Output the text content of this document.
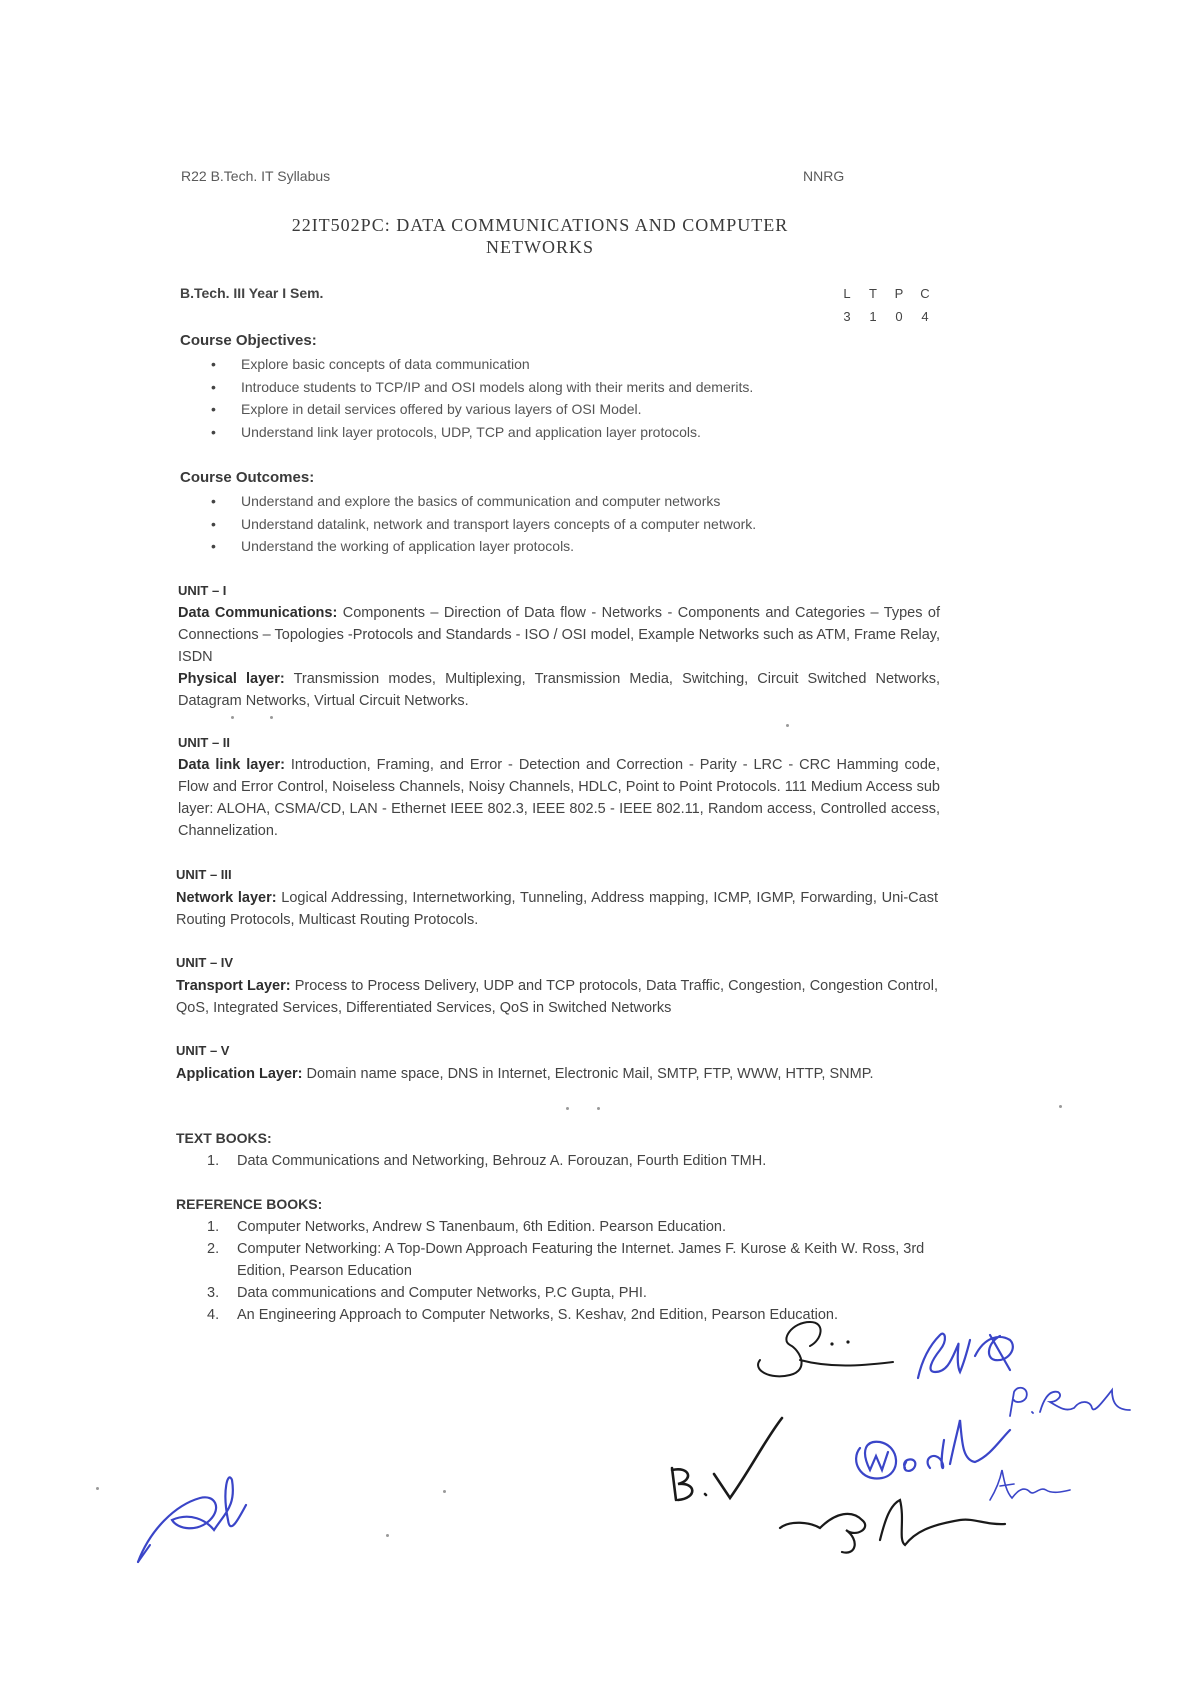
R22 B.Tech. IT Syllabus	NNRG
22IT502PC: DATA COMMUNICATIONS AND COMPUTER
NETWORKS
B.Tech. III Year I Sem.	L T P C
3 1 0 4
Course Objectives:
• Explore basic concepts of data communication
• Introduce students to TCP/IP and OSI models along with their merits and demerits.
• Explore in detail services offered by various layers of OSI Model.
• Understand link layer protocols, UDP, TCP and application layer protocols.
Course Outcomes:
• Understand and explore the basics of communication and computer networks
• Understand datalink, network and transport layers concepts of a computer network.
• Understand the working of application layer protocols.
UNIT – I
Data Communications: Components – Direction of Data flow - Networks - Components and Categories – Types of Connections – Topologies -Protocols and Standards - ISO / OSI model, Example Networks such as ATM, Frame Relay, ISDN
Physical layer: Transmission modes, Multiplexing, Transmission Media, Switching, Circuit Switched Networks, Datagram Networks, Virtual Circuit Networks.
UNIT – II
Data link layer: Introduction, Framing, and Error - Detection and Correction - Parity - LRC - CRC Hamming code, Flow and Error Control, Noiseless Channels, Noisy Channels, HDLC, Point to Point Protocols. 111 Medium Access sub layer: ALOHA, CSMA/CD, LAN - Ethernet IEEE 802.3, IEEE 802.5 - IEEE 802.11, Random access, Controlled access, Channelization.
UNIT – III
Network layer: Logical Addressing, Internetworking, Tunneling, Address mapping, ICMP, IGMP, Forwarding, Uni-Cast Routing Protocols, Multicast Routing Protocols.
UNIT – IV
Transport Layer: Process to Process Delivery, UDP and TCP protocols, Data Traffic, Congestion, Congestion Control, QoS, Integrated Services, Differentiated Services, QoS in Switched Networks
UNIT – V
Application Layer: Domain name space, DNS in Internet, Electronic Mail, SMTP, FTP, WWW, HTTP, SNMP.
TEXT BOOKS:
1. Data Communications and Networking, Behrouz A. Forouzan, Fourth Edition TMH.
REFERENCE BOOKS:
1. Computer Networks, Andrew S Tanenbaum, 6th Edition. Pearson Education.
2. Computer Networking: A Top-Down Approach Featuring the Internet. James F. Kurose & Keith W. Ross, 3rd Edition, Pearson Education
3. Data communications and Computer Networks, P.C Gupta, PHI.
4. An Engineering Approach to Computer Networks, S. Keshav, 2nd Edition, Pearson Education.
